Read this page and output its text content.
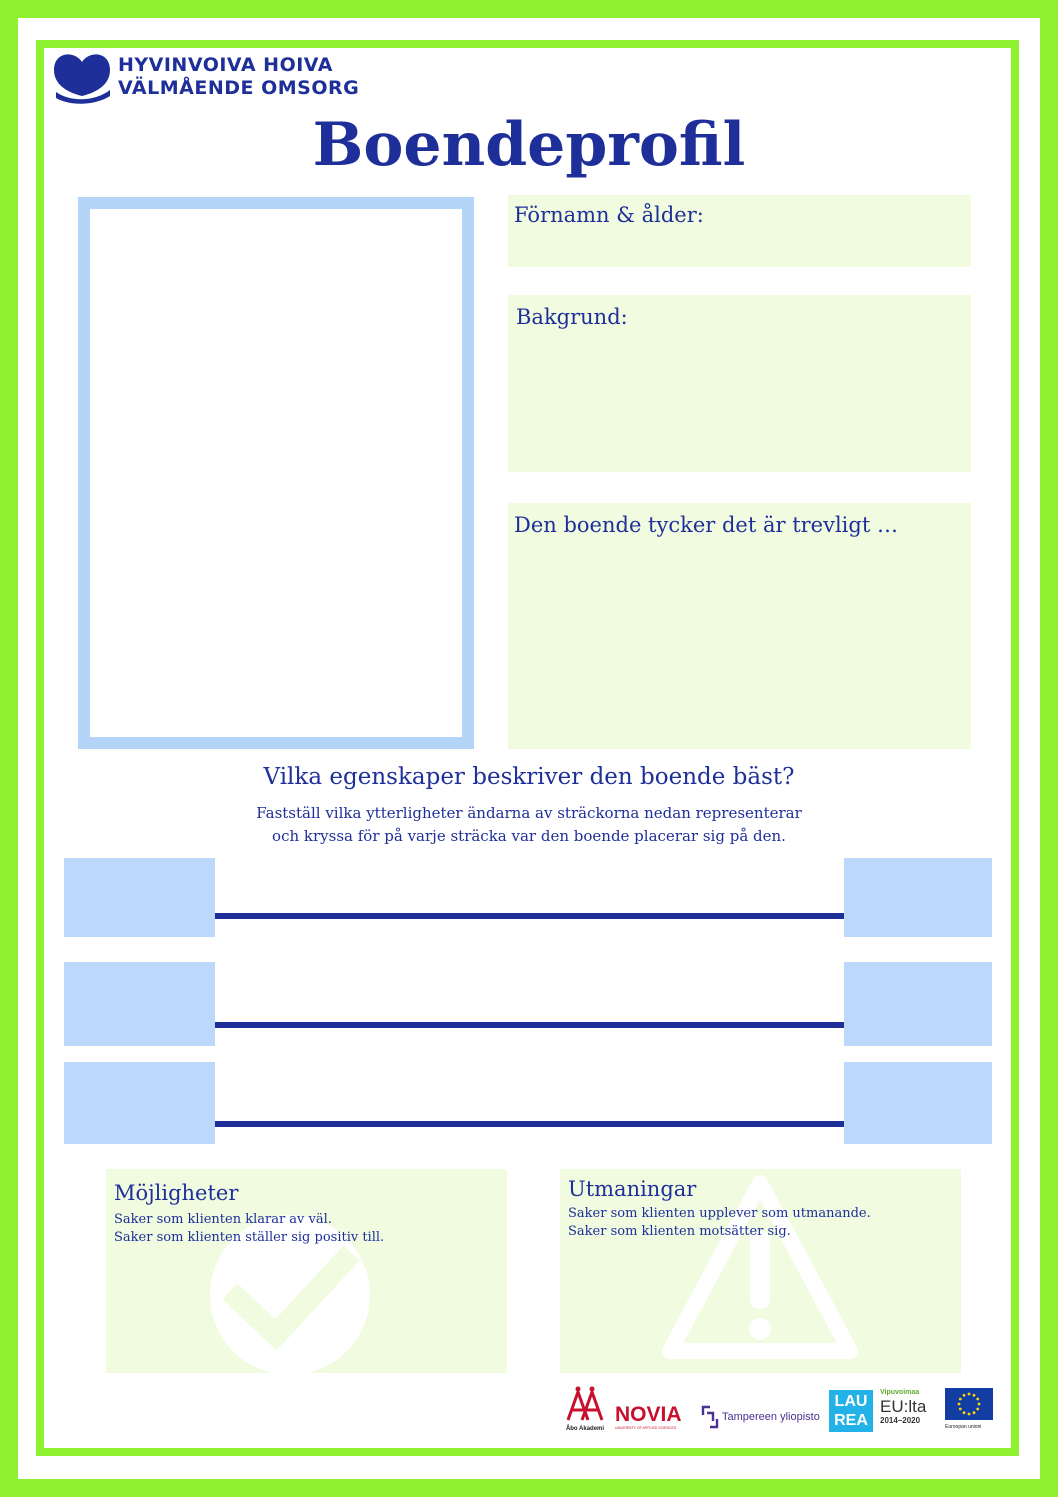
HYVINVOIVA HOIVA
VÄLMÅENDE OMSORG
Boendeprofil
Förnamn & ålder:
Bakgrund:
Den boende tycker det är trevligt …
Vilka egenskaper beskriver den boende bäst?
Fastställ vilka ytterligheter ändarna av sträckorna nedan representerar
och kryssa för på varje sträcka var den boende placerar sig på den.
Möjligheter
Saker som klienten klarar av väl.
Saker som klienten ställer sig positiv till.
Utmaningar
Saker som klienten upplever som utmanande.
Saker som klienten motsätter sig.
Åbo Akademi
NOVIA
UNIVERSITY OF APPLIED SCIENCES
Tampereen yliopisto
LAU
REA
Vipuvoimaa
EU:lta
2014–2020
Euroopan unioni
